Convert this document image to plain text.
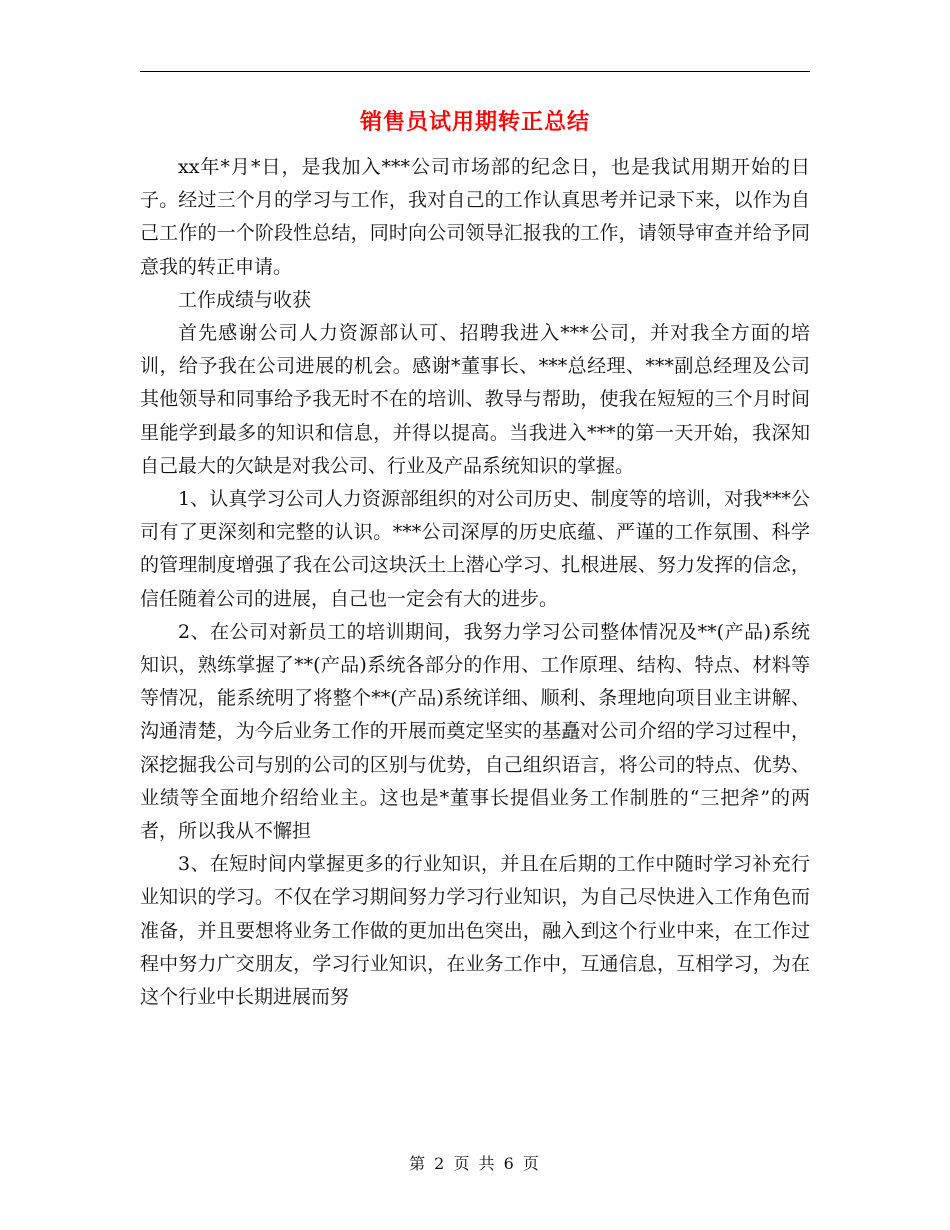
销售员试用期转正总结

xx年*月*日，是我加入***公司市场部的纪念日，也是我试用期开始的日子。经过三个月的学习与工作，我对自己的工作认真思考并记录下来，以作为自己工作的一个阶段性总结，同时向公司领导汇报我的工作，请领导审查并给予同意我的转正申请。

工作成绩与收获

首先感谢公司人力资源部认可、招聘我进入***公司，并对我全方面的培训，给予我在公司进展的机会。感谢*董事长、***总经理、***副总经理及公司其他领导和同事给予我无时不在的培训、教导与帮助，使我在短短的三个月时间里能学到最多的知识和信息，并得以提高。当我进入***的第一天开始，我深知自己最大的欠缺是对我公司、行业及产品系统知识的掌握。

1、认真学习公司人力资源部组织的对公司历史、制度等的培训，对我***公司有了更深刻和完整的认识。***公司深厚的历史底蕴、严谨的工作氛围、科学的管理制度增强了我在公司这块沃土上潜心学习、扎根进展、努力发挥的信念，信任随着公司的进展，自己也一定会有大的进步。

2、在公司对新员工的培训期间，我努力学习公司整体情况及**(产品)系统知识，熟练掌握了**(产品)系统各部分的作用、工作原理、结构、特点、材料等等情况，能系统明了将整个**(产品)系统详细、顺利、条理地向项目业主讲解、沟通清楚，为今后业务工作的开展而奠定坚实的基矗对公司介绍的学习过程中，深挖掘我公司与别的公司的区别与优势，自己组织语言，将公司的特点、优势、业绩等全面地介绍给业主。这也是*董事长提倡业务工作制胜的“三把斧”的两者，所以我从不懈担

3、在短时间内掌握更多的行业知识，并且在后期的工作中随时学习补充行业知识的学习。不仅在学习期间努力学习行业知识，为自己尽快进入工作角色而准备，并且要想将业务工作做的更加出色突出，融入到这个行业中来，在工作过程中努力广交朋友，学习行业知识，在业务工作中，互通信息，互相学习，为在这个行业中长期进展而努

第 2 页 共 6 页
